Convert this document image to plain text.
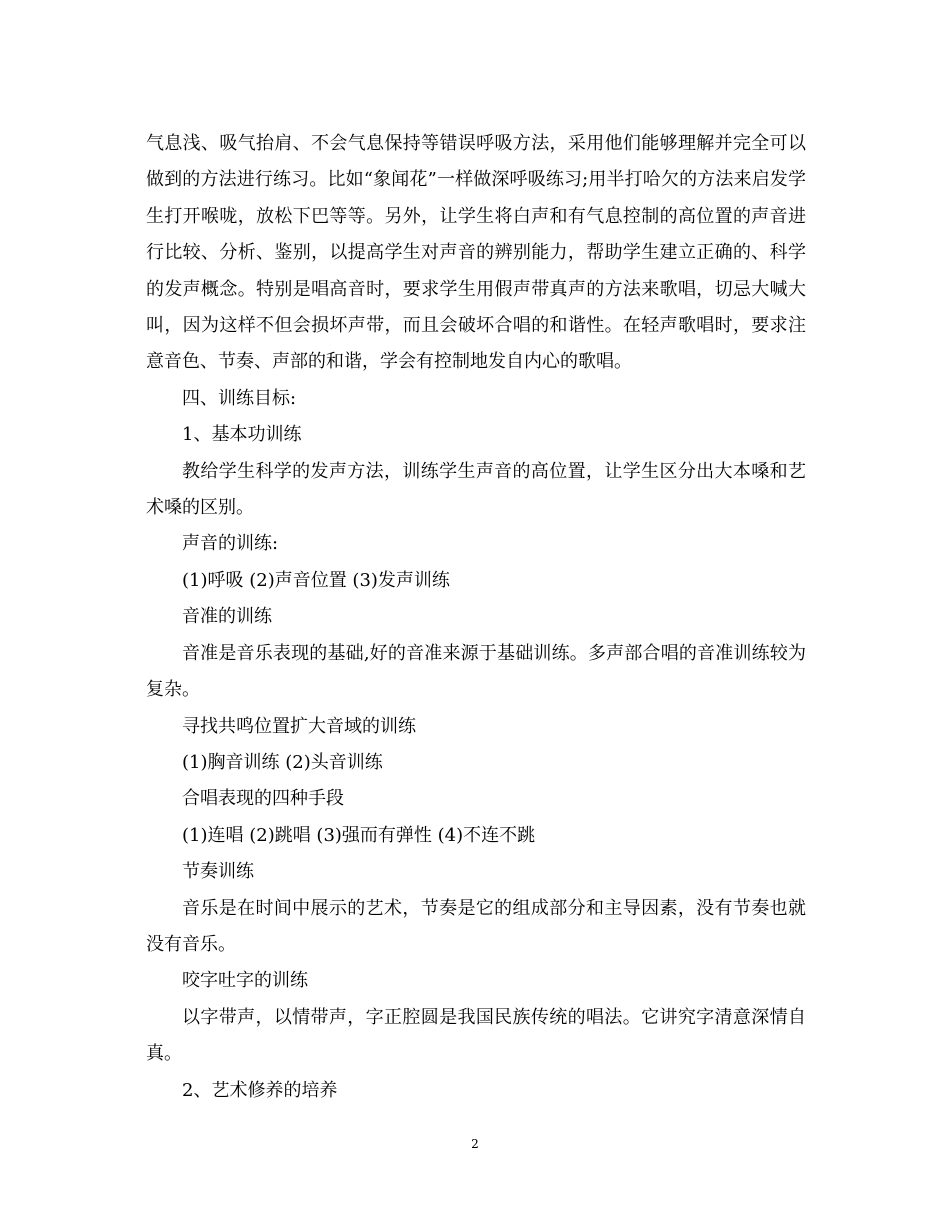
气息浅、吸气抬肩、不会气息保持等错误呼吸方法，采用他们能够理解并完全可以做到的方法进行练习。比如“象闻花”一样做深呼吸练习;用半打哈欠的方法来启发学生打开喉咙，放松下巴等等。另外，让学生将白声和有气息控制的高位置的声音进行比较、分析、鉴别，以提高学生对声音的辨别能力，帮助学生建立正确的、科学的发声概念。特别是唱高音时，要求学生用假声带真声的方法来歌唱，切忌大喊大叫，因为这样不但会损坏声带，而且会破坏合唱的和谐性。在轻声歌唱时，要求注意音色、节奏、声部的和谐，学会有控制地发自内心的歌唱。

四、训练目标:

1、基本功训练

教给学生科学的发声方法，训练学生声音的高位置，让学生区分出大本嗓和艺术嗓的区别。

声音的训练:

(1)呼吸 (2)声音位置 (3)发声训练

音准的训练

音准是音乐表现的基础,好的音准来源于基础训练。多声部合唱的音准训练较为复杂。

寻找共鸣位置扩大音域的训练

(1)胸音训练 (2)头音训练

合唱表现的四种手段

(1)连唱 (2)跳唱 (3)强而有弹性 (4)不连不跳

节奏训练

音乐是在时间中展示的艺术，节奏是它的组成部分和主导因素，没有节奏也就没有音乐。

咬字吐字的训练

以字带声，以情带声，字正腔圆是我国民族传统的唱法。它讲究字清意深情自真。

2、艺术修养的培养

2
